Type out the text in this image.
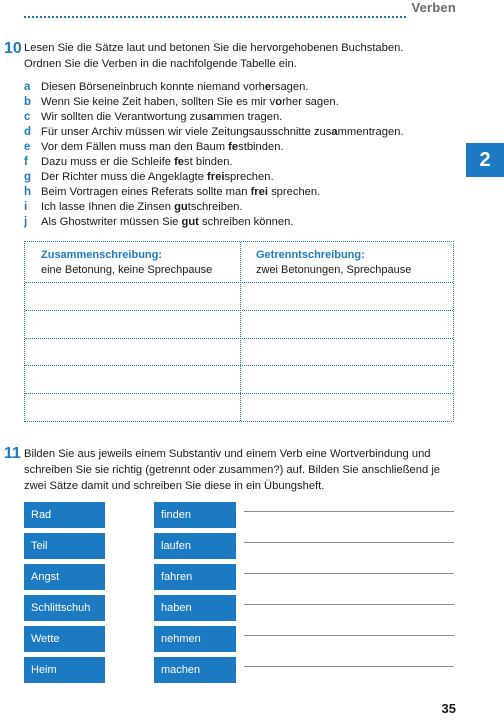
Verben
2
10 Lesen Sie die Sätze laut und betonen Sie die hervorgehobenen Buchstaben. Ordnen Sie die Verben in die nachfolgende Tabelle ein.
a Diesen Börseneinbruch konnte niemand vorhersagen.
b Wenn Sie keine Zeit haben, sollten Sie es mir vorher sagen.
c Wir sollten die Verantwortung zusammen tragen.
d Für unser Archiv müssen wir viele Zeitungsausschnitte zusammentragen.
e Vor dem Fällen muss man den Baum festbinden.
f	Dazu muss er die Schleife fest binden.
g Der Richter muss die Angeklagte freisprechen.
h Beim Vortragen eines Referats sollte man frei sprechen.
i	Ich lasse Ihnen die Zinsen gutschreiben.
j	Als Ghostwriter müssen Sie gut schreiben können.
Zusammenschreibung:
eine Betonung, keine Sprechpause
Getrenntschreibung:
zwei Betonungen, Sprechpause
11 Bilden Sie aus jeweils einem Substantiv und einem Verb eine Wortverbindung und schreiben Sie sie richtig (getrennt oder zusammen?) auf. Bilden Sie anschließend je zwei Sätze damit und schreiben Sie diese in ein Übungsheft.
Rad
Teil
Angst
Schlittschuh
Wette
Heim
finden
laufen
fahren
haben
nehmen
machen
35
